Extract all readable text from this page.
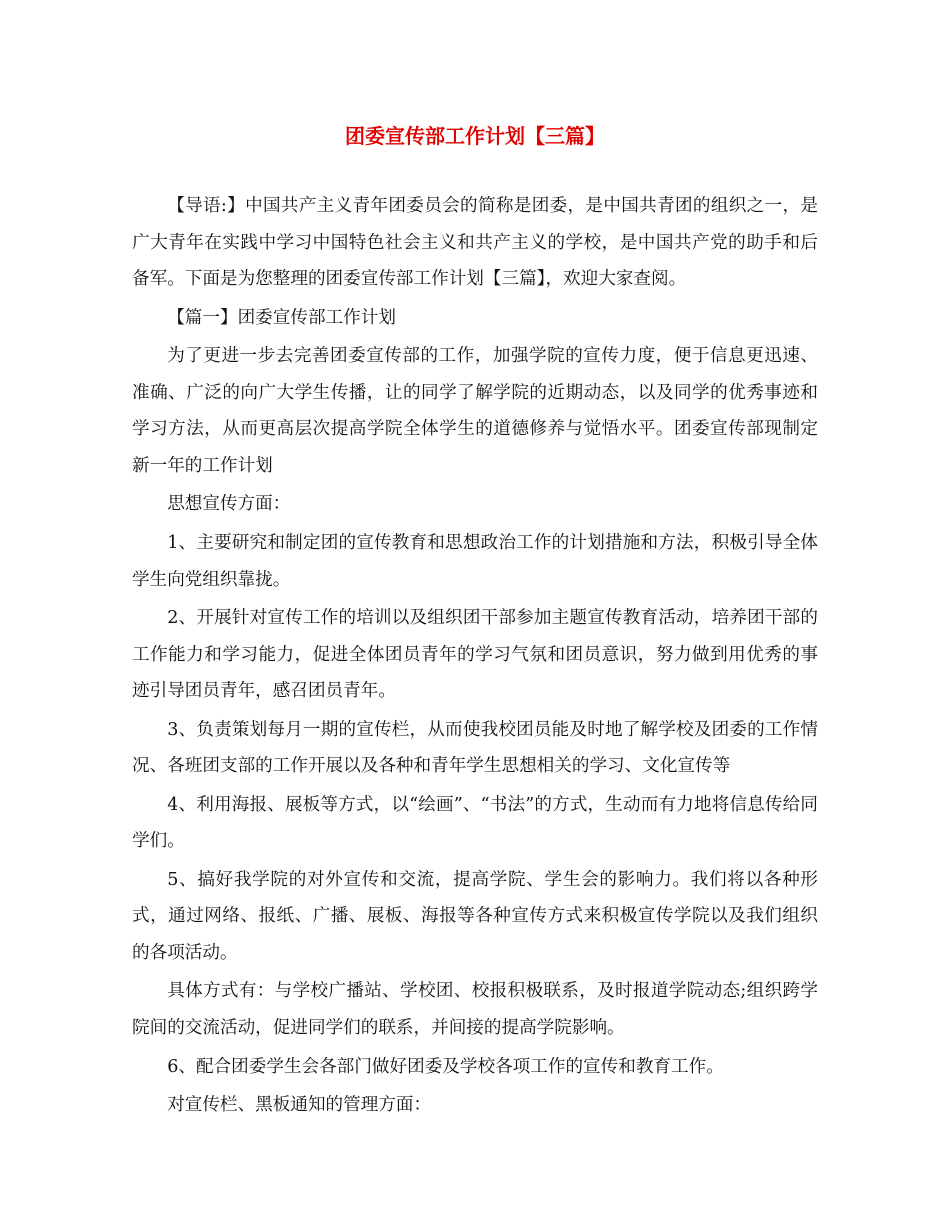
团委宣传部工作计划【三篇】

【导语:】中国共产主义青年团委员会的简称是团委，是中国共青团的组织之一，是广大青年在实践中学习中国特色社会主义和共产主义的学校，是中国共产党的助手和后备军。下面是为您整理的团委宣传部工作计划【三篇】，欢迎大家查阅。

【篇一】团委宣传部工作计划

为了更进一步去完善团委宣传部的工作，加强学院的宣传力度，便于信息更迅速、准确、广泛的向广大学生传播，让的同学了解学院的近期动态，以及同学的优秀事迹和学习方法，从而更高层次提高学院全体学生的道德修养与觉悟水平。团委宣传部现制定新一年的工作计划

思想宣传方面：

1、主要研究和制定团的宣传教育和思想政治工作的计划措施和方法，积极引导全体学生向党组织靠拢。

2、开展针对宣传工作的培训以及组织团干部参加主题宣传教育活动，培养团干部的工作能力和学习能力，促进全体团员青年的学习气氛和团员意识，努力做到用优秀的事迹引导团员青年，感召团员青年。

3、负责策划每月一期的宣传栏，从而使我校团员能及时地了解学校及团委的工作情况、各班团支部的工作开展以及各种和青年学生思想相关的学习、文化宣传等

4、利用海报、展板等方式，以“绘画”、“书法”的方式，生动而有力地将信息传给同学们。

5、搞好我学院的对外宣传和交流，提高学院、学生会的影响力。我们将以各种形式，通过网络、报纸、广播、展板、海报等各种宣传方式来积极宣传学院以及我们组织的各项活动。

具体方式有：与学校广播站、学校团、校报积极联系，及时报道学院动态;组织跨学院间的交流活动，促进同学们的联系，并间接的提高学院影响。

6、配合团委学生会各部门做好团委及学校各项工作的宣传和教育工作。

对宣传栏、黑板通知的管理方面：
